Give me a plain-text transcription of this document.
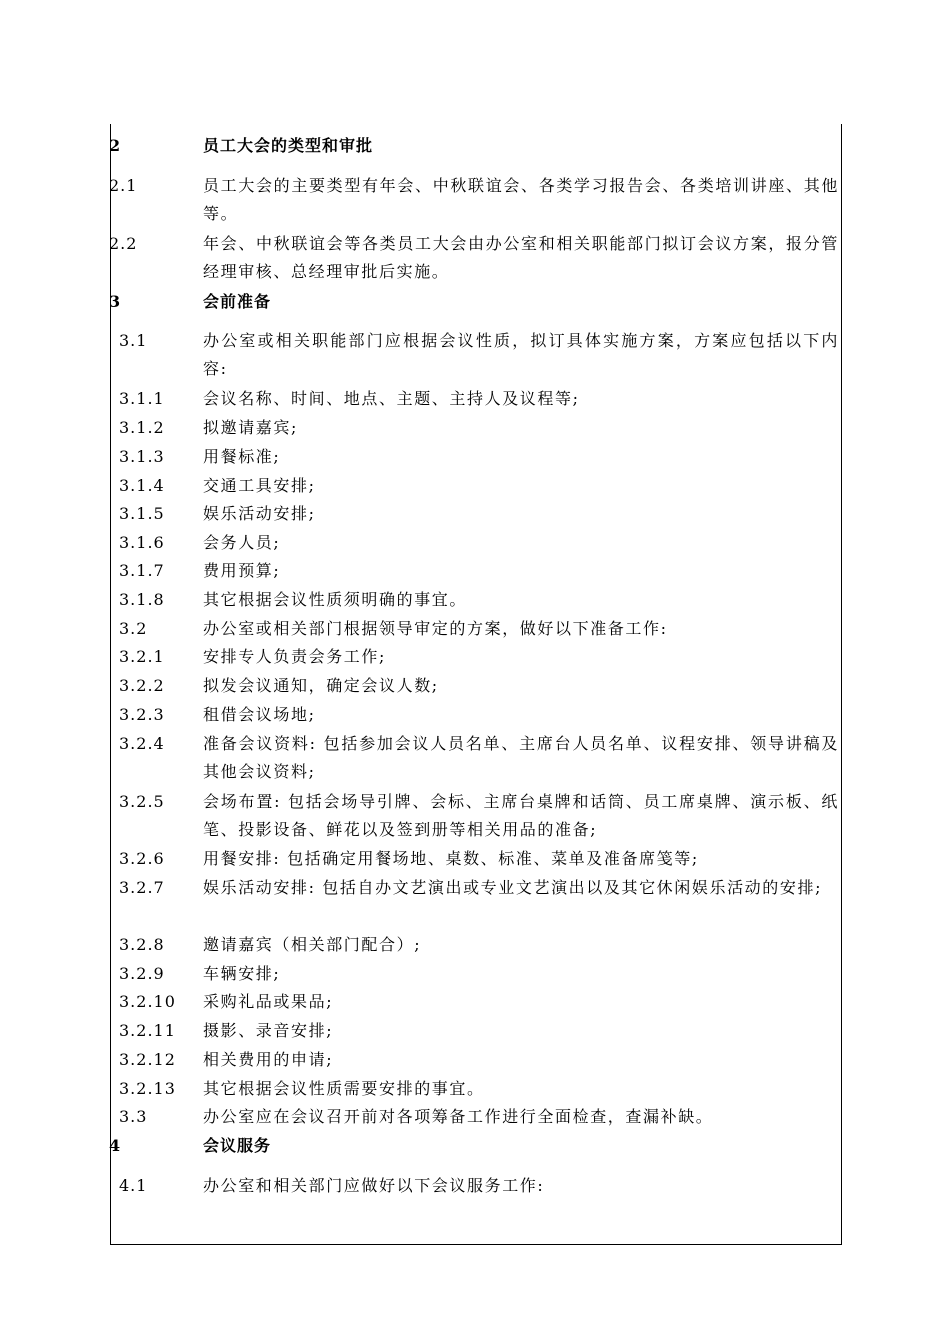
2	员工大会的类型和审批
2.1	员工大会的主要类型有年会、中秋联谊会、各类学习报告会、各类培训讲座、其他等。
2.2	年会、中秋联谊会等各类员工大会由办公室和相关职能部门拟订会议方案，报分管经理审核、总经理审批后实施。
3	会前准备
3.1	办公室或相关职能部门应根据会议性质，拟订具体实施方案，方案应包括以下内容:
3.1.1 会议名称、时间、地点、主题、主持人及议程等;
3.1.2 拟邀请嘉宾;
3.1.3 用餐标准;
3.1.4 交通工具安排;
3.1.5 娱乐活动安排;
3.1.6 会务人员;
3.1.7 费用预算;
3.1.8 其它根据会议性质须明确的事宜。
3.2	办公室或相关部门根据领导审定的方案，做好以下准备工作:
3.2.1 安排专人负责会务工作;
3.2.2 拟发会议通知，确定会议人数;
3.2.3 租借会议场地;
3.2.4 准备会议资料: 包括参加会议人员名单、主席台人员名单、议程安排、领导讲稿及其他会议资料;
3.2.5 会场布置: 包括会场导引牌、会标、主席台桌牌和话筒、员工席桌牌、演示板、纸笔、投影设备、鲜花以及签到册等相关用品的准备;
3.2.6 用餐安排: 包括确定用餐场地、桌数、标准、菜单及准备席笺等;
3.2.7 娱乐活动安排: 包括自办文艺演出或专业文艺演出以及其它休闲娱乐活动的安排;
3.2.8 邀请嘉宾（相关部门配合）;
3.2.9 车辆安排;
3.2.10 采购礼品或果品;
3.2.11 摄影、录音安排;
3.2.12 相关费用的申请;
3.2.13 其它根据会议性质需要安排的事宜。
3.3	办公室应在会议召开前对各项筹备工作进行全面检查，查漏补缺。
4	会议服务
4.1	办公室和相关部门应做好以下会议服务工作:
